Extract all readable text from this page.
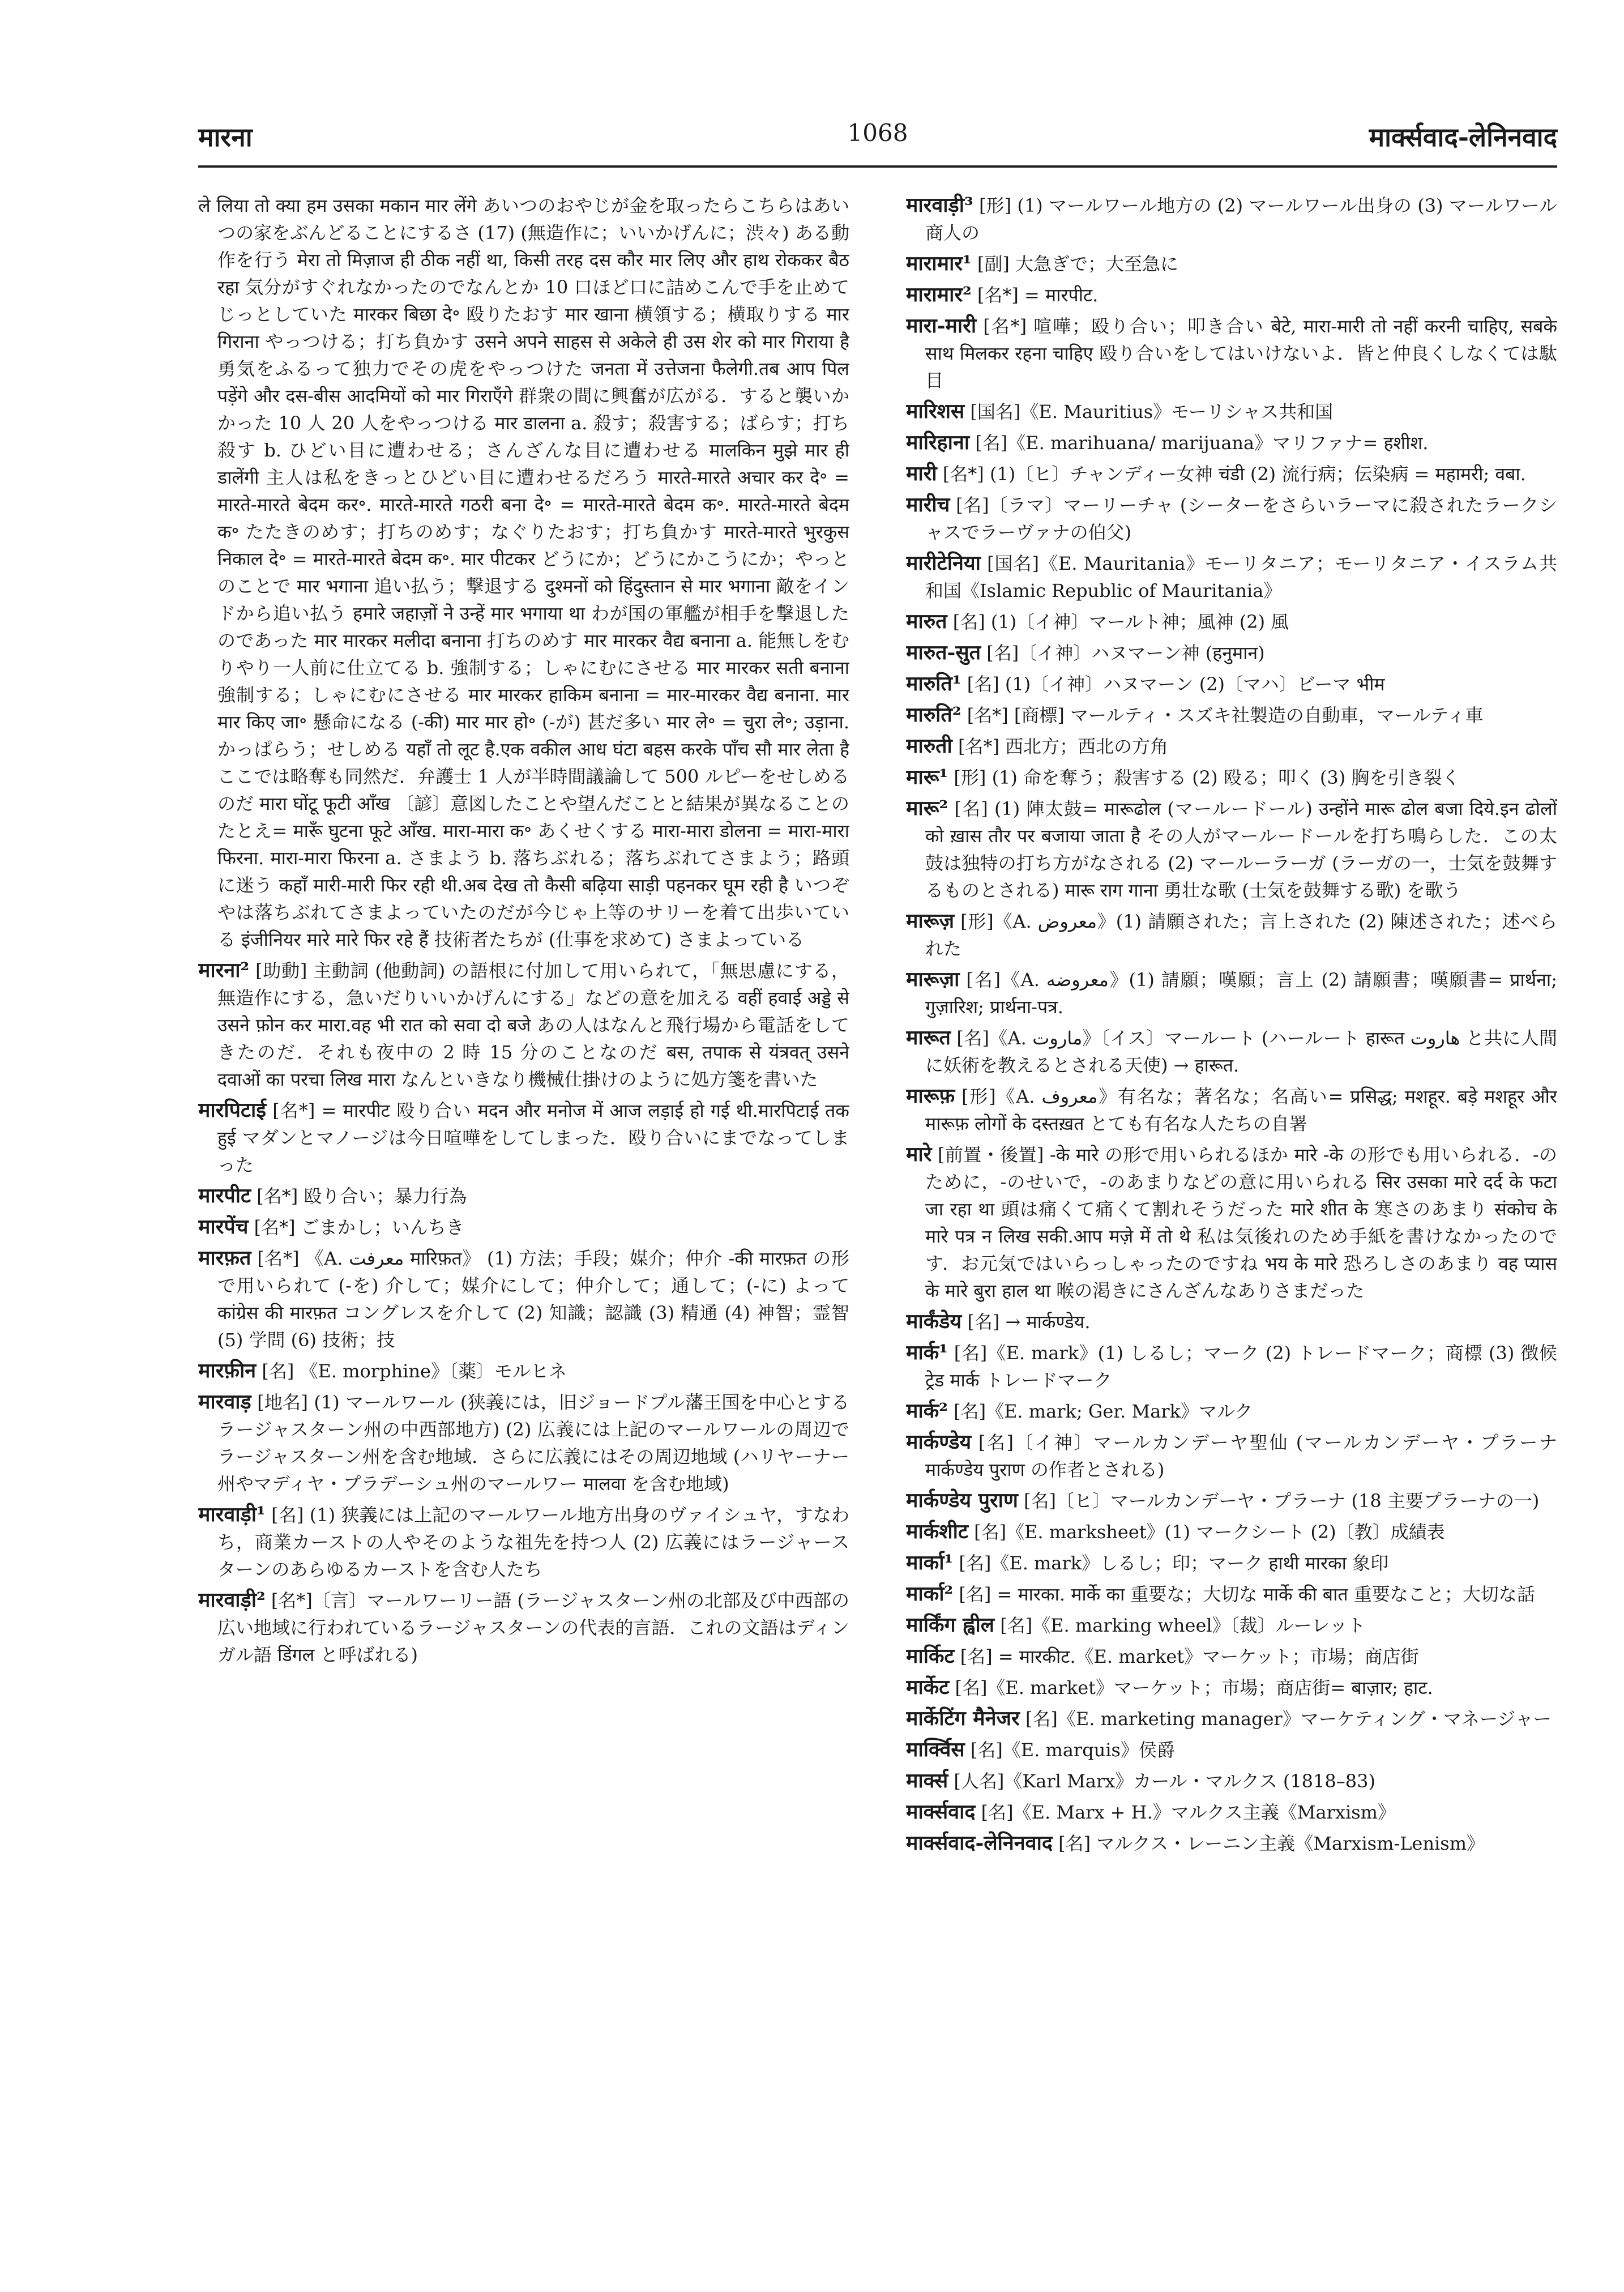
1068
मारना	मार्क्सवाद-लेनिनवाद

ले लिया तो क्या हम उसका मकान मार लेंगे あいつのおやじが金を取ったらこちらはあいつの家をぶんどることにするさ (17) (無造作に；いいかげんに；渋々) ある動作を行う मेरा तो मिज़ाज ही ठीक नहीं था, किसी तरह दस कौर मार लिए और हाथ रोककर बैठ रहा 気分がすぐれなかったのでなんとか 10 口ほど口に詰めこんで手を止めてじっとしていた मारकर बिछा दे॰ 殴りたおす मार खाना 横領する；横取りする मार गिराना やっつける；打ち負かす उसने अपने साहस से अकेले ही उस शेर को मार गिराया है 勇気をふるって独力でその虎をやっつけた जनता में उत्तेजना फैलेगी.तब आप पिल पड़ेंगे और दस-बीस आदमियों को मार गिराएँगे 群衆の間に興奮が広がる．すると襲いかかった 10 人 20 人をやっつける मार डालना a. 殺す；殺害する；ばらす；打ち殺す b. ひどい目に遭わせる；さんざんな目に遭わせる मालकिन मुझे मार ही डालेंगी 主人は私をきっとひどい目に遭わせるだろう मारते-मारते अचार कर दे॰ = मारते-मारते बेदम कर॰. मारते-मारते गठरी बना दे॰ = मारते-मारते बेदम क॰. मारते-मारते बेदम क॰ たたきのめす；打ちのめす；なぐりたおす；打ち負かす मारते-मारते भुरकुस निकाल दे॰ = मारते-मारते बेदम क॰. मार पीटकर どうにか；どうにかこうにか；やっとのことで मार भगाना 追い払う；撃退する दुश्मनों को हिंदुस्तान से मार भगाना 敵をインドから追い払う हमारे जहाज़ों ने उन्हें मार भगाया था わが国の軍艦が相手を撃退したのであった मार मारकर मलीदा बनाना 打ちのめす मार मारकर वैद्य बनाना a. 能無しをむりやり一人前に仕立てる b. 強制する；しゃにむにさせる मार मारकर सती बनाना 強制する；しゃにむにさせる मार मारकर हाकिम बनाना = मार-मारकर वैद्य बनाना. मार मार किए जा॰ 懸命になる (-की) मार मार हो॰ (-が) 甚だ多い मार ले॰ = चुरा ले॰; उड़ाना. かっぱらう；せしめる यहाँ तो लूट है.एक वकील आध घंटा बहस करके पाँच सौ मार लेता है ここでは略奪も同然だ．弁護士 1 人が半時間議論して 500 ルピーをせしめるのだ मारा घोंटू फूटी आँख 〔諺〕意図したことや望んだことと結果が異なることのたとえ= मारूँ घुटना फूटे आँख. मारा-मारा क॰ あくせくする मारा-मारा डोलना = मारा-मारा फिरना. मारा-मारा फिरना a. さまよう b. 落ちぶれる；落ちぶれてさまよう；路頭に迷う कहाँ मारी-मारी फिर रही थी.अब देख तो कैसी बढ़िया साड़ी पहनकर घूम रही है いつぞやは落ちぶれてさまよっていたのだが今じゃ上等のサリーを着て出歩いている इंजीनियर मारे मारे फिर रहे हैं 技術者たちが (仕事を求めて) さまよっている

मारना² [助動] 主動詞 (他動詞) の語根に付加して用いられて，「無思慮にする，無造作にする，急いだりいいかげんにする」などの意を加える वहीं हवाई अड्डे से उसने फ़ोन कर मारा.वह भी रात को सवा दो बजे あの人はなんと飛行場から電話をしてきたのだ．それも夜中の 2 時 15 分のことなのだ बस, तपाक से यंत्रवत् उसने दवाओं का परचा लिख मारा なんといきなり機械仕掛けのように処方箋を書いた

मारपिटाई [名*] = मारपीट 殴り合い मदन और मनोज में आज लड़ाई हो गई थी.मारपिटाई तक हुई マダンとマノージは今日喧嘩をしてしまった．殴り合いにまでなってしまった

मारपीट [名*] 殴り合い；暴力行為

मारपेंच [名*] ごまかし；いんちき

मारफ़त [名*] 《A. معرفت मारिफ़त》 (1) 方法；手段；媒介；仲介 -की मारफ़त の形で用いられて (-を) 介して；媒介にして；仲介して；通して；(-に) よって कांग्रेस की मारफ़त コングレスを介して (2) 知識；認識 (3) 精通 (4) 神智；霊智 (5) 学問 (6) 技術；技

मारफ़ीन [名] 《E. morphine》〔薬〕モルヒネ

मारवाड़ [地名] (1) マールワール (狭義には，旧ジョードプル藩王国を中心とするラージャスターン州の中西部地方) (2) 広義には上記のマールワールの周辺でラージャスターン州を含む地域．さらに広義にはその周辺地域 (ハリヤーナー州やマディヤ・プラデーシュ州のマールワー मालवा を含む地域)

मारवाड़ी¹ [名] (1) 狭義には上記のマールワール地方出身のヴァイシュヤ，すなわち，商業カーストの人やそのような祖先を持つ人 (2) 広義にはラージャースターンのあらゆるカーストを含む人たち

मारवाड़ी² [名*]〔言〕マールワーリー語 (ラージャスターン州の北部及び中西部の広い地域に行われているラージャスターンの代表的言語．これの文語はディンガル語 डिंगल と呼ばれる)

मारवाड़ी³ [形] (1) マールワール地方の (2) マールワール出身の (3) マールワール商人の

मारामार¹ [副] 大急ぎで；大至急に

मारामार² [名*] = मारपीट.

मारा-मारी [名*] 喧嘩；殴り合い；叩き合い बेटे, मारा-मारी तो नहीं करनी चाहिए, सबके साथ मिलकर रहना चाहिए 殴り合いをしてはいけないよ．皆と仲良くしなくては駄目

मारिशस [国名]《E. Mauritius》モーリシャス共和国

मारिहाना [名]《E. marihuana/ marijuana》マリファナ= हशीश.

मारी [名*] (1)〔ヒ〕チャンディー女神 चंडी (2) 流行病；伝染病 = महामरी; वबा.

मारीच [名]〔ラマ〕マーリーチャ (シーターをさらいラーマに殺されたラークシャスでラーヴァナの伯父)

मारीटेनिया [国名]《E. Mauritania》モーリタニア；モーリタニア・イスラム共和国《Islamic Republic of Mauritania》

मारुत [名] (1)〔イ神〕マールト神；風神 (2) 風

मारुत-सुत [名]〔イ神〕ハヌマーン神 (हनुमान)

मारुति¹ [名] (1)〔イ神〕ハヌマーン (2)〔マハ〕ビーマ भीम

मारुति² [名*] [商標] マールティ・スズキ社製造の自動車，マールティ車

मारुती [名*] 西北方；西北の方角

मारू¹ [形] (1) 命を奪う；殺害する (2) 殴る；叩く (3) 胸を引き裂く

मारू² [名] (1) 陣太鼓= मारूढोल (マールードール) उन्होंने मारू ढोल बजा दिये.इन ढोलों को ख़ास तौर पर बजाया जाता है その人がマールードールを打ち鳴らした．この太鼓は独特の打ち方がなされる (2) マールーラーガ (ラーガの一，士気を鼓舞するものとされる) मारू राग गाना 勇壮な歌 (士気を鼓舞する歌) を歌う

मारूज़ [形]《A. معروض》(1) 請願された；言上された (2) 陳述された；述べられた

मारूज़ा [名]《A. معروضه》(1) 請願；嘆願；言上 (2) 請願書；嘆願書= प्रार्थना; गुज़ारिश; प्रार्थना-पत्र.

मारूत [名]《A. ماروت》〔イス〕マールート (ハールート हारूत هاروت と共に人間に妖術を教えるとされる天使) → हारूत.

मारूफ़ [形]《A. معروف》有名な；著名な；名高い= प्रसिद्ध; मशहूर. बड़े मशहूर और मारूफ़ लोगों के दस्तख़त とても有名な人たちの自署

मारे [前置・後置] -के मारे の形で用いられるほか मारे -के の形でも用いられる．-のために，-のせいで，-のあまりなどの意に用いられる सिर उसका मारे दर्द के फटा जा रहा था 頭は痛くて痛くて割れそうだった मारे शीत के 寒さのあまり संकोच के मारे पत्र न लिख सकी.आप मज़े में तो थे 私は気後れのため手紙を書けなかったのです．お元気ではいらっしゃったのですね भय के मारे 恐ろしさのあまり वह प्यास के मारे बुरा हाल था 喉の渇きにさんざんなありさまだった

मार्कंडेय [名] → मार्कण्डेय.

मार्क¹ [名]《E. mark》(1) しるし；マーク (2) トレードマーク；商標 (3) 徴候 ट्रेड मार्क トレードマーク

मार्क² [名]《E. mark; Ger. Mark》マルク

मार्कण्डेय [名]〔イ神〕マールカンデーヤ聖仙 (マールカンデーヤ・プラーナ मार्कण्डेय पुराण の作者とされる)

मार्कण्डेय पुराण [名]〔ヒ〕マールカンデーヤ・プラーナ (18 主要プラーナの一)

मार्कशीट [名]《E. marksheet》(1) マークシート (2)〔教〕成績表

मार्का¹ [名]《E. mark》しるし；印；マーク हाथी मारका 象印

मार्का² [名] = मारका. मार्के का 重要な；大切な मार्के की बात 重要なこと；大切な話

मार्किंग ह्वील [名]《E. marking wheel》〔裁〕ルーレット

मार्किट [名] = मारकीट.《E. market》マーケット；市場；商店街

मार्केट [名]《E. market》マーケット；市場；商店街= बाज़ार; हाट.

मार्केटिंग मैनेजर [名]《E. marketing manager》マーケティング・マネージャー

मार्क्विस [名]《E. marquis》侯爵

मार्क्स [人名]《Karl Marx》カール・マルクス (1818–83)

मार्क्सवाद [名]《E. Marx + H.》マルクス主義《Marxism》

मार्क्सवाद-लेनिनवाद [名] マルクス・レーニン主義《Marxism-Lenism》
